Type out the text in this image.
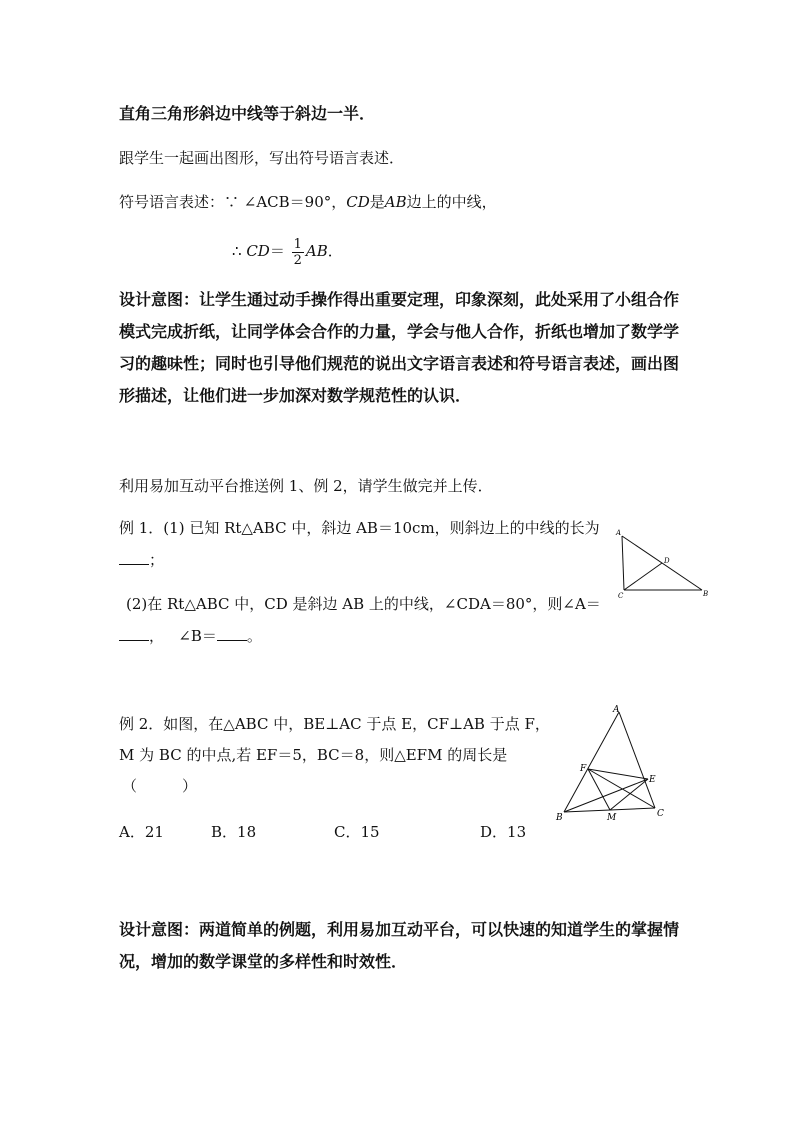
直角三角形斜边中线等于斜边一半．
跟学生一起画出图形，写出符号语言表述．
符号语言表述：∵ ∠ACB＝90°，CD是AB边上的中线，
∴ $CD= \frac{1}{2}$ AB．
设计意图：让学生通过动手操作得出重要定理，印象深刻，此处采用了小组合作模式完成折纸，让同学体会合作的力量，学会与他人合作，折纸也增加了数学学习的趣味性；同时也引导他们规范的说出文字语言表述和符号语言表述，画出图形描述，让他们进一步加深对数学规范性的认识．
利用易加互动平台推送例 1、例 2，请学生做完并上传．
例 1．(1) 已知 Rt△ABC 中，斜边 AB＝10cm，则斜边上的中线的长为
；
(2)在 Rt△ABC 中，CD 是斜边 AB 上的中线，∠CDA＝80°，则∠A＝
， ∠B＝ 。
A
D
C	B
例 2．如图，在△ABC 中，BE⊥AC 于点 E，CF⊥AB 于点 F，
M 为 BC 的中点,若 EF＝5，BC＝8，则△EFM 的周长是
（　　　）
A．21	B．18	C．15	D．13
A
F
E
B	M	C
设计意图：两道简单的例题，利用易加互动平台，可以快速的知道学生的掌握情况，增加的数学课堂的多样性和时效性．
